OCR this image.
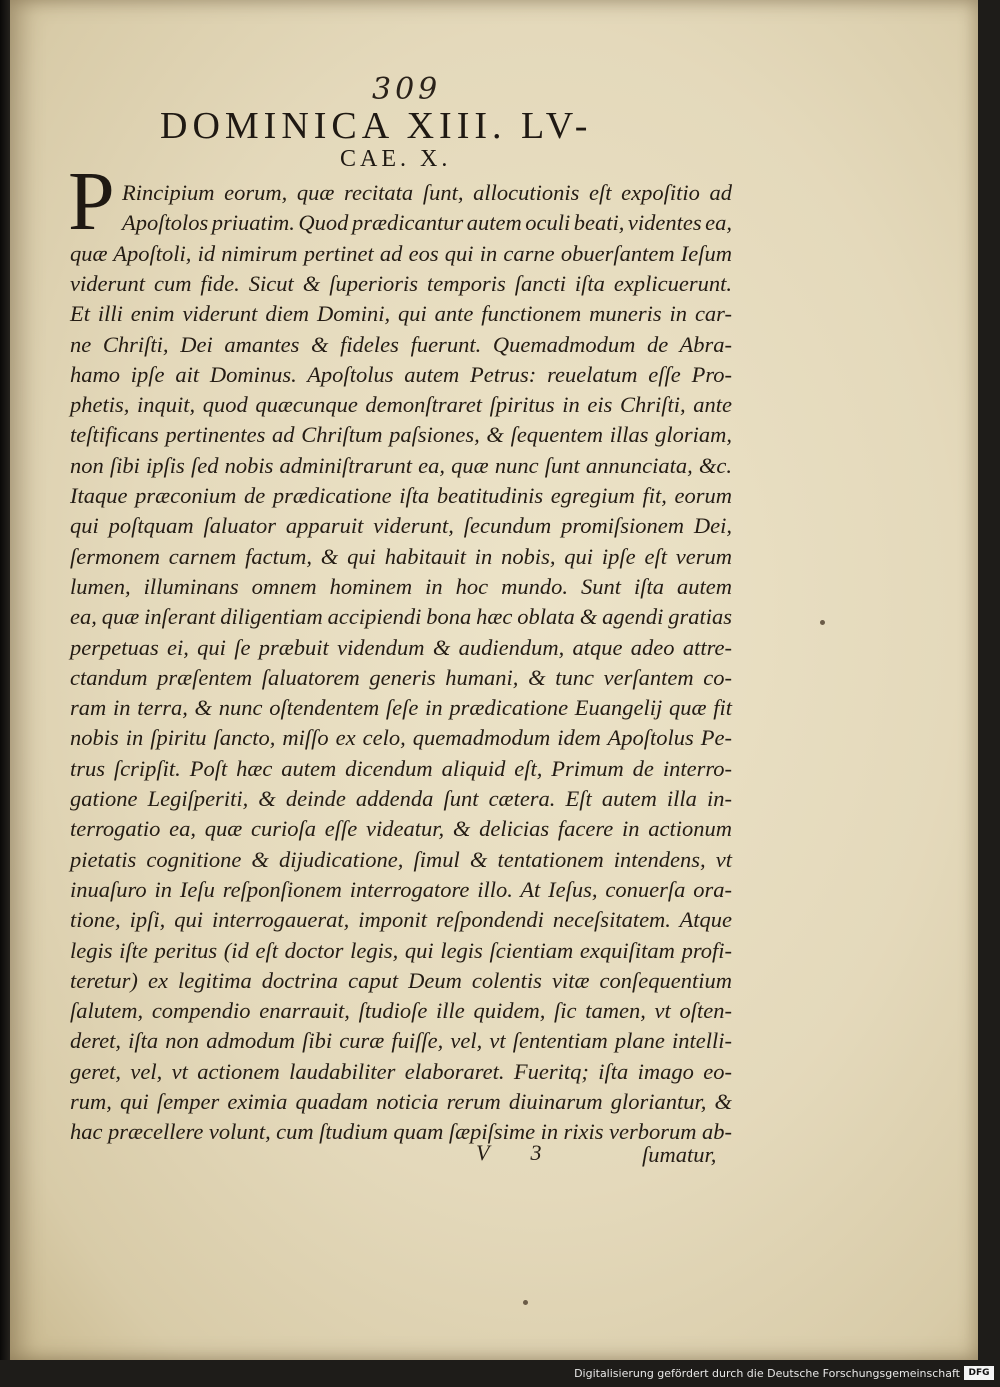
309
DOMINICA XIII. LV-
CAE. X.
P Rincipium eorum, quæ recitata ſunt, allocutionis eſt expoſitio ad
Apoſtolos priuatim. Quod prædicantur autem oculi beati, videntes ea,
quæ Apoſtoli, id nimirum pertinet ad eos qui in carne obuerſantem Ieſum
viderunt cum fide. Sicut & ſuperioris temporis ſancti iſta explicuerunt.
Et illi enim viderunt diem Domini, qui ante functionem muneris in car-
ne Chriſti, Dei amantes & fideles fuerunt. Quemadmodum de Abra-
hamo ipſe ait Dominus. Apoſtolus autem Petrus: reuelatum eſſe Pro-
phetis, inquit, quod quæcunque demonſtraret ſpiritus in eis Chriſti, ante
teſtificans pertinentes ad Chriſtum paſsiones, & ſequentem illas gloriam,
non ſibi ipſis ſed nobis adminiſtrarunt ea, quæ nunc ſunt annunciata, &c.
Itaque præconium de prædicatione iſta beatitudinis egregium fit, eorum
qui poſtquam ſaluator apparuit viderunt, ſecundum promiſsionem Dei,
ſermonem carnem factum, & qui habitauit in nobis, qui ipſe eſt verum
lumen, illuminans omnem hominem in hoc mundo. Sunt iſta autem
ea, quæ inſerant diligentiam accipiendi bona hæc oblata & agendi gratias
perpetuas ei, qui ſe præbuit videndum & audiendum, atque adeo attre-
ctandum præſentem ſaluatorem generis humani, & tunc verſantem co-
ram in terra, & nunc oſtendentem ſeſe in prædicatione Euangelij quæ fit
nobis in ſpiritu ſancto, miſſo ex celo, quemadmodum idem Apoſtolus Pe-
trus ſcripſit. Poſt hæc autem dicendum aliquid eſt, Primum de interro-
gatione Legiſperiti, & deinde addenda ſunt cætera. Eſt autem illa in-
terrogatio ea, quæ curioſa eſſe videatur, & delicias facere in actionum
pietatis cognitione & dijudicatione, ſimul & tentationem intendens, vt
inuaſuro in Ieſu reſponſionem interrogatore illo. At Ieſus, conuerſa ora-
tione, ipſi, qui interrogauerat, imponit reſpondendi neceſsitatem. Atque
legis iſte peritus (id eſt doctor legis, qui legis ſcientiam exquiſitam profi-
teretur) ex legitima doctrina caput Deum colentis vitæ conſequentium
ſalutem, compendio enarrauit, ſtudioſe ille quidem, ſic tamen, vt oſten-
deret, iſta non admodum ſibi curæ fuiſſe, vel, vt ſententiam plane intelli-
geret, vel, vt actionem laudabiliter elaboraret. Fueritq; iſta imago eo-
rum, qui ſemper eximia quadam noticia rerum diuinarum gloriantur, &
hac præcellere volunt, cum ſtudium quam ſæpiſsime in rixis verborum ab-
V 3	ſumatur,
Digitalisierung gefördert durch die Deutsche Forschungsgemeinschaft DFG
